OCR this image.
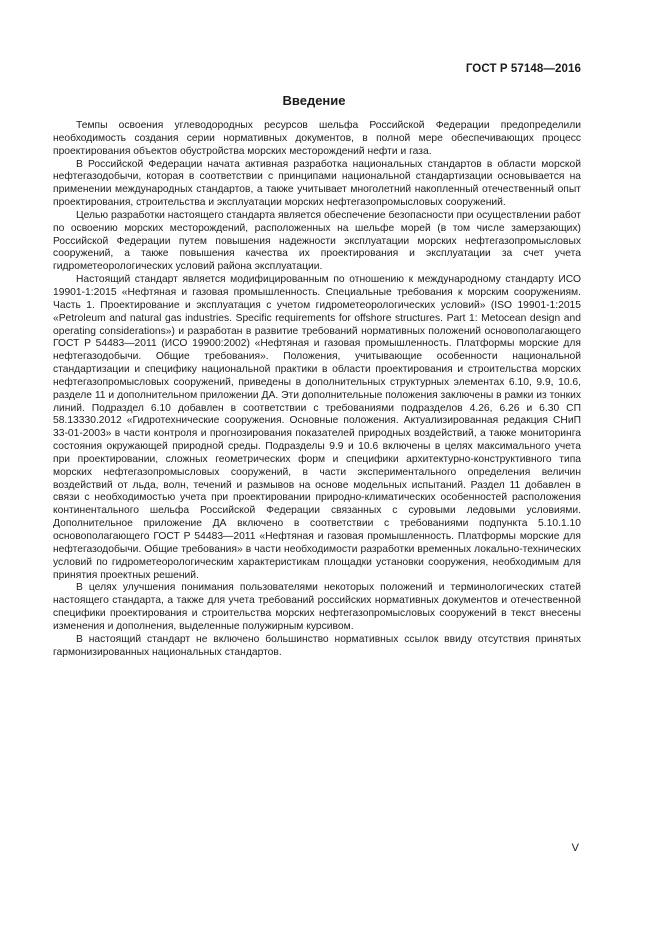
ГОСТ Р 57148—2016
Введение

Темпы освоения углеводородных ресурсов шельфа Российской Федерации предопределили необходимость создания серии нормативных документов, в полной мере обеспечивающих процесс проектирования объектов обустройства морских месторождений нефти и газа.

В Российской Федерации начата активная разработка национальных стандартов в области морской нефтегазодобычи, которая в соответствии с принципами национальной стандартизации основывается на применении международных стандартов, а также учитывает многолетний накопленный отечественный опыт проектирования, строительства и эксплуатации морских нефтегазопромысловых сооружений.

Целью разработки настоящего стандарта является обеспечение безопасности при осуществлении работ по освоению морских месторождений, расположенных на шельфе морей (в том числе замерзающих) Российской Федерации путем повышения надежности эксплуатации морских нефтегазопромысловых сооружений, а также повышения качества их проектирования и эксплуатации за счет учета гидрометеорологических условий района эксплуатации.

Настоящий стандарт является модифицированным по отношению к международному стандарту ИСО 19901-1:2015 «Нефтяная и газовая промышленность. Специальные требования к морским сооружениям. Часть 1. Проектирование и эксплуатация с учетом гидрометеорологических условий» (ISO 19901-1:2015 «Petroleum and natural gas industries. Specific requirements for offshore structures. Part 1: Metocean design and operating considerations») и разработан в развитие требований нормативных положений основополагающего ГОСТ Р 54483—2011 (ИСО 19900:2002) «Нефтяная и газовая промышленность. Платформы морские для нефтегазодобычи. Общие требования». Положения, учитывающие особенности национальной стандартизации и специфику национальной практики в области проектирования и строительства морских нефтегазопромысловых сооружений, приведены в дополнительных структурных элементах 6.10, 9.9, 10.6, разделе 11 и дополнительном приложении ДА. Эти дополнительные положения заключены в рамки из тонких линий. Подраздел 6.10 добавлен в соответствии с требованиями подразделов 4.26, 6.26 и 6.30 СП 58.13330.2012 «Гидротехнические сооружения. Основные положения. Актуализированная редакция СНиП 33-01-2003» в части контроля и прогнозирования показателей природных воздействий, а также мониторинга состояния окружающей природной среды. Подразделы 9.9 и 10.6 включены в целях максимального учета при проектировании, сложных геометрических форм и специфики архитектурно-конструктивного типа морских нефтегазопромысловых сооружений, в части экспериментального определения величин воздействий от льда, волн, течений и размывов на основе модельных испытаний. Раздел 11 добавлен в связи с необходимостью учета при проектировании природно-климатических особенностей расположения континентального шельфа Российской Федерации связанных с суровыми ледовыми условиями. Дополнительное приложение ДА включено в соответствии с требованиями подпункта 5.10.1.10 основополагающего ГОСТ Р 54483—2011 «Нефтяная и газовая промышленность. Платформы морские для нефтегазодобычи. Общие требования» в части необходимости разработки временных локально-технических условий по гидрометеорологическим характеристикам площадки установки сооружения, необходимым для принятия проектных решений.

В целях улучшения понимания пользователями некоторых положений и терминологических статей настоящего стандарта, а также для учета требований российских нормативных документов и отечественной специфики проектирования и строительства морских нефтегазопромысловых сооружений в текст внесены изменения и дополнения, выделенные полужирным курсивом.

В настоящий стандарт не включено большинство нормативных ссылок ввиду отсутствия принятых гармонизированных национальных стандартов.

V
